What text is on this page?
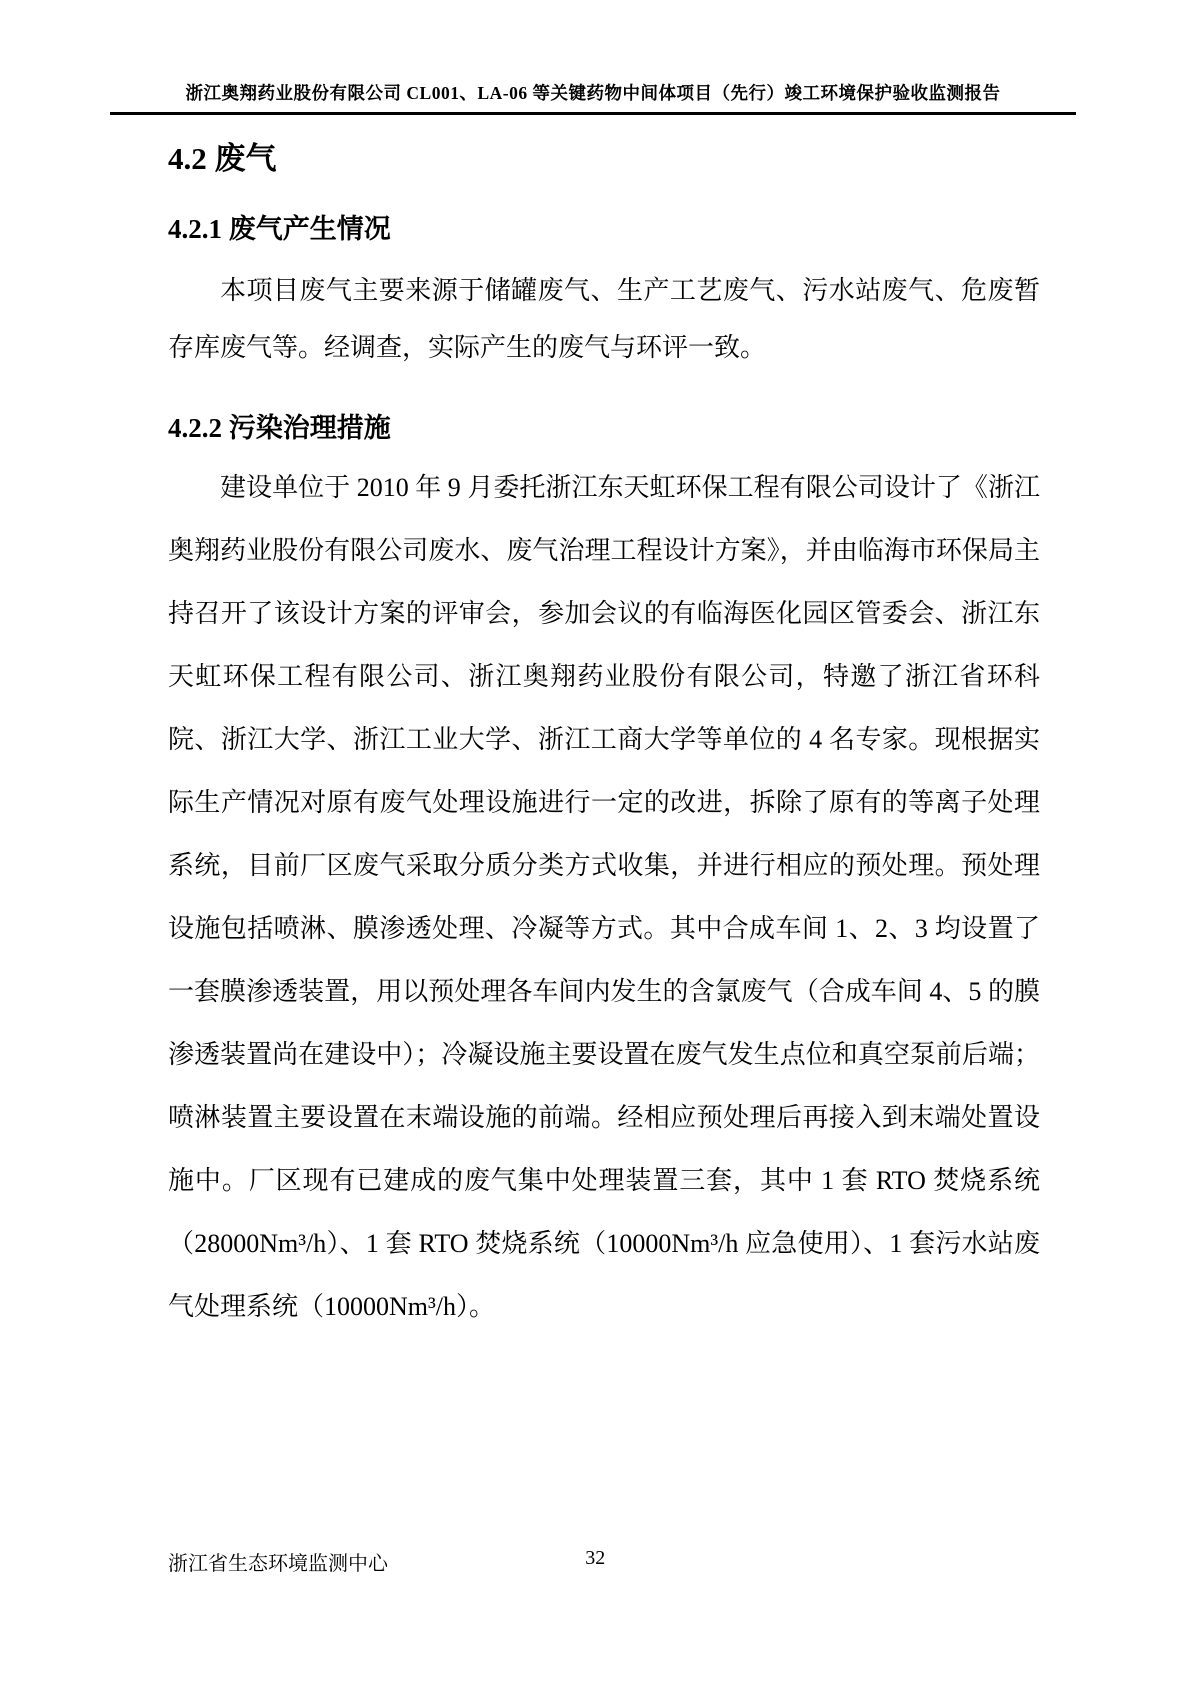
浙江奥翔药业股份有限公司 CL001、LA-06 等关键药物中间体项目（先行）竣工环境保护验收监测报告
4.2 废气
4.2.1 废气产生情况

本项目废气主要来源于储罐废气、生产工艺废气、污水站废气、危废暂存库废气等。经调查，实际产生的废气与环评一致。

4.2.2 污染治理措施

建设单位于 2010 年 9 月委托浙江东天虹环保工程有限公司设计了《浙江奥翔药业股份有限公司废水、废气治理工程设计方案》，并由临海市环保局主持召开了该设计方案的评审会，参加会议的有临海医化园区管委会、浙江东天虹环保工程有限公司、浙江奥翔药业股份有限公司，特邀了浙江省环科院、浙江大学、浙江工业大学、浙江工商大学等单位的 4 名专家。现根据实际生产情况对原有废气处理设施进行一定的改进，拆除了原有的等离子处理系统，目前厂区废气采取分质分类方式收集，并进行相应的预处理。预处理设施包括喷淋、膜渗透处理、冷凝等方式。其中合成车间 1、2、3 均设置了一套膜渗透装置，用以预处理各车间内发生的含氯废气（合成车间 4、5 的膜渗透装置尚在建设中）；冷凝设施主要设置在废气发生点位和真空泵前后端；喷淋装置主要设置在末端设施的前端。经相应预处理后再接入到末端处置设施中。厂区现有已建成的废气集中处理装置三套，其中 1 套 RTO 焚烧系统（28000Nm³/h）、1 套 RTO 焚烧系统（10000Nm³/h 应急使用）、1 套污水站废气处理系统（10000Nm³/h）。

浙江省生态环境监测中心	32
